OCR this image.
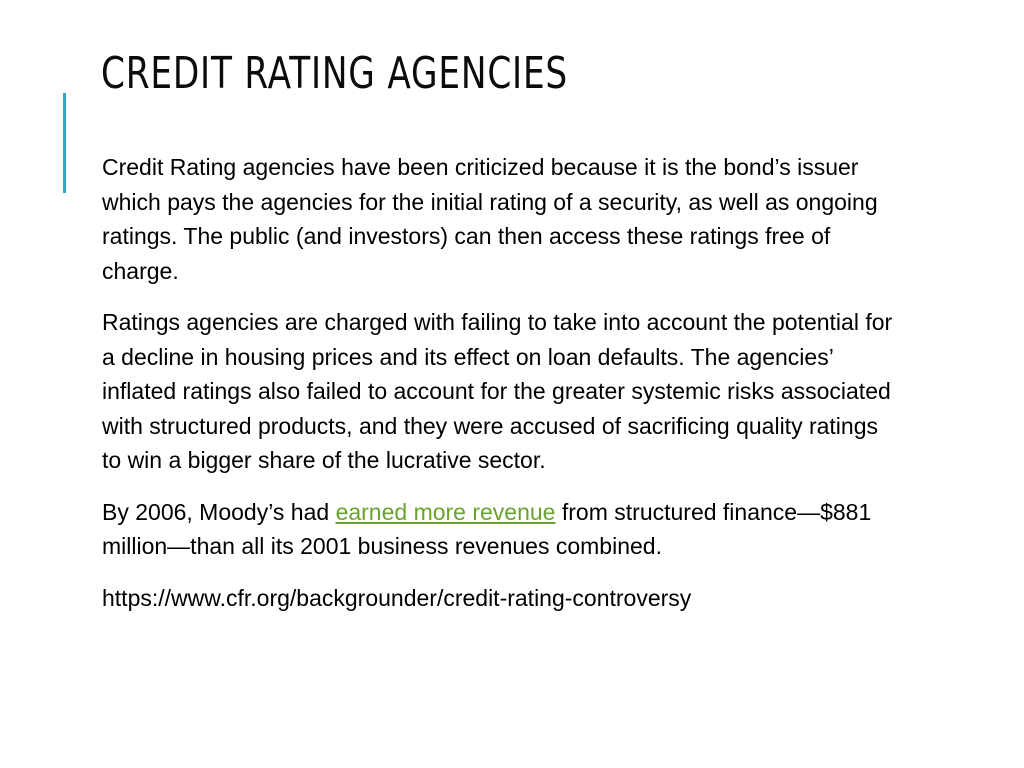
CREDIT RATING AGENCIES

Credit Rating agencies have been criticized because it is the bond’s issuer which pays the agencies for the initial rating of a security, as well as ongoing ratings. The public (and investors) can then access these ratings free of charge.

Ratings agencies are charged with failing to take into account the potential for a decline in housing prices and its effect on loan defaults. The agencies’ inflated ratings also failed to account for the greater systemic risks associated with structured products, and they were accused of sacrificing quality ratings to win a bigger share of the lucrative sector.

By 2006, Moody’s had earned more revenue from structured finance—$881 million—than all its 2001 business revenues combined.

https://www.cfr.org/backgrounder/credit-rating-controversy
